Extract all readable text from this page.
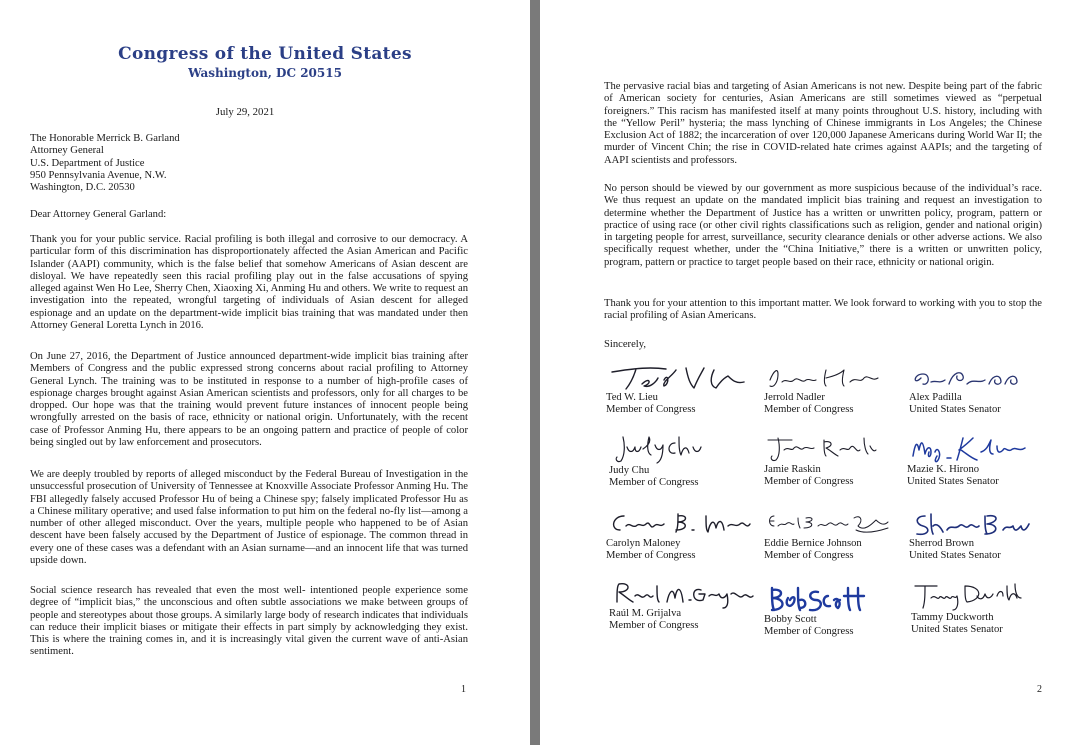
Congress of the United States
Washington, DC 20515
July 29, 2021
The Honorable Merrick B. Garland
Attorney General
U.S. Department of Justice
950 Pennsylvania Avenue, N.W.
Washington, D.C. 20530
Dear Attorney General Garland:
Thank you for your public service. Racial profiling is both illegal and corrosive to our democracy. A particular form of this discrimination has disproportionately affected the Asian American and Pacific Islander (AAPI) community, which is the false belief that somehow Americans of Asian descent are disloyal. We have repeatedly seen this racial profiling play out in the false accusations of spying alleged against Wen Ho Lee, Sherry Chen, Xiaoxing Xi, Anming Hu and others. We write to request an investigation into the repeated, wrongful targeting of individuals of Asian descent for alleged espionage and an update on the department-wide implicit bias training that was mandated under then Attorney General Loretta Lynch in 2016.
On June 27, 2016, the Department of Justice announced department-wide implicit bias training after Members of Congress and the public expressed strong concerns about racial profiling to Attorney General Lynch. The training was to be instituted in response to a number of high-profile cases of espionage charges brought against Asian American scientists and professors, only for all charges to be dropped. Our hope was that the training would prevent future instances of innocent people being wrongfully arrested on the basis of race, ethnicity or national origin. Unfortunately, with the recent case of Professor Anming Hu, there appears to be an ongoing pattern and practice of people of color being singled out by law enforcement and prosecutors.
We are deeply troubled by reports of alleged misconduct by the Federal Bureau of Investigation in the unsuccessful prosecution of University of Tennessee at Knoxville Associate Professor Anming Hu. The FBI allegedly falsely accused Professor Hu of being a Chinese spy; falsely implicated Professor Hu as a Chinese military operative; and used false information to put him on the federal no-fly list—among a number of other alleged misconduct. Over the years, multiple people who happened to be of Asian descent have been falsely accused by the Department of Justice of espionage. The common thread in every one of these cases was a defendant with an Asian surname—and an innocent life that was turned upside down.
Social science research has revealed that even the most well- intentioned people experience some degree of “implicit bias,” the unconscious and often subtle associations we make between groups of people and stereotypes about those groups. A similarly large body of research indicates that individuals can reduce their implicit biases or mitigate their effects in part simply by acknowledging they exist. This is where the training comes in, and it is increasingly vital given the current wave of anti-Asian sentiment.
1
The pervasive racial bias and targeting of Asian Americans is not new. Despite being part of the fabric of American society for centuries, Asian Americans are still sometimes viewed as “perpetual foreigners.” This racism has manifested itself at many points throughout U.S. history, including with the “Yellow Peril” hysteria; the mass lynching of Chinese immigrants in Los Angeles; the Chinese Exclusion Act of 1882; the incarceration of over 120,000 Japanese Americans during World War II; the murder of Vincent Chin; the rise in COVID-related hate crimes against AAPIs; and the targeting of AAPI scientists and professors.
No person should be viewed by our government as more suspicious because of the individual’s race. We thus request an update on the mandated implicit bias training and request an investigation to determine whether the Department of Justice has a written or unwritten policy, program, pattern or practice of using race (or other civil rights classifications such as religion, gender and national origin) in targeting people for arrest, surveillance, security clearance denials or other adverse actions. We also specifically request whether, under the “China Initiative,” there is a written or unwritten policy, program, pattern or practice to target people based on their race, ethnicity or national origin.
Thank you for your attention to this important matter. We look forward to working with you to stop the racial profiling of Asian Americans.
Sincerely,
Ted W. Lieu
Member of Congress
Jerrold Nadler
Member of Congress
Alex Padilla
United States Senator
Judy Chu
Member of Congress
Jamie Raskin
Member of Congress
Mazie K. Hirono
United States Senator
Carolyn Maloney
Member of Congress
Eddie Bernice Johnson
Member of Congress
Sherrod Brown
United States Senator
Raúl M. Grijalva
Member of Congress
Bobby Scott
Member of Congress
Tammy Duckworth
United States Senator
2
